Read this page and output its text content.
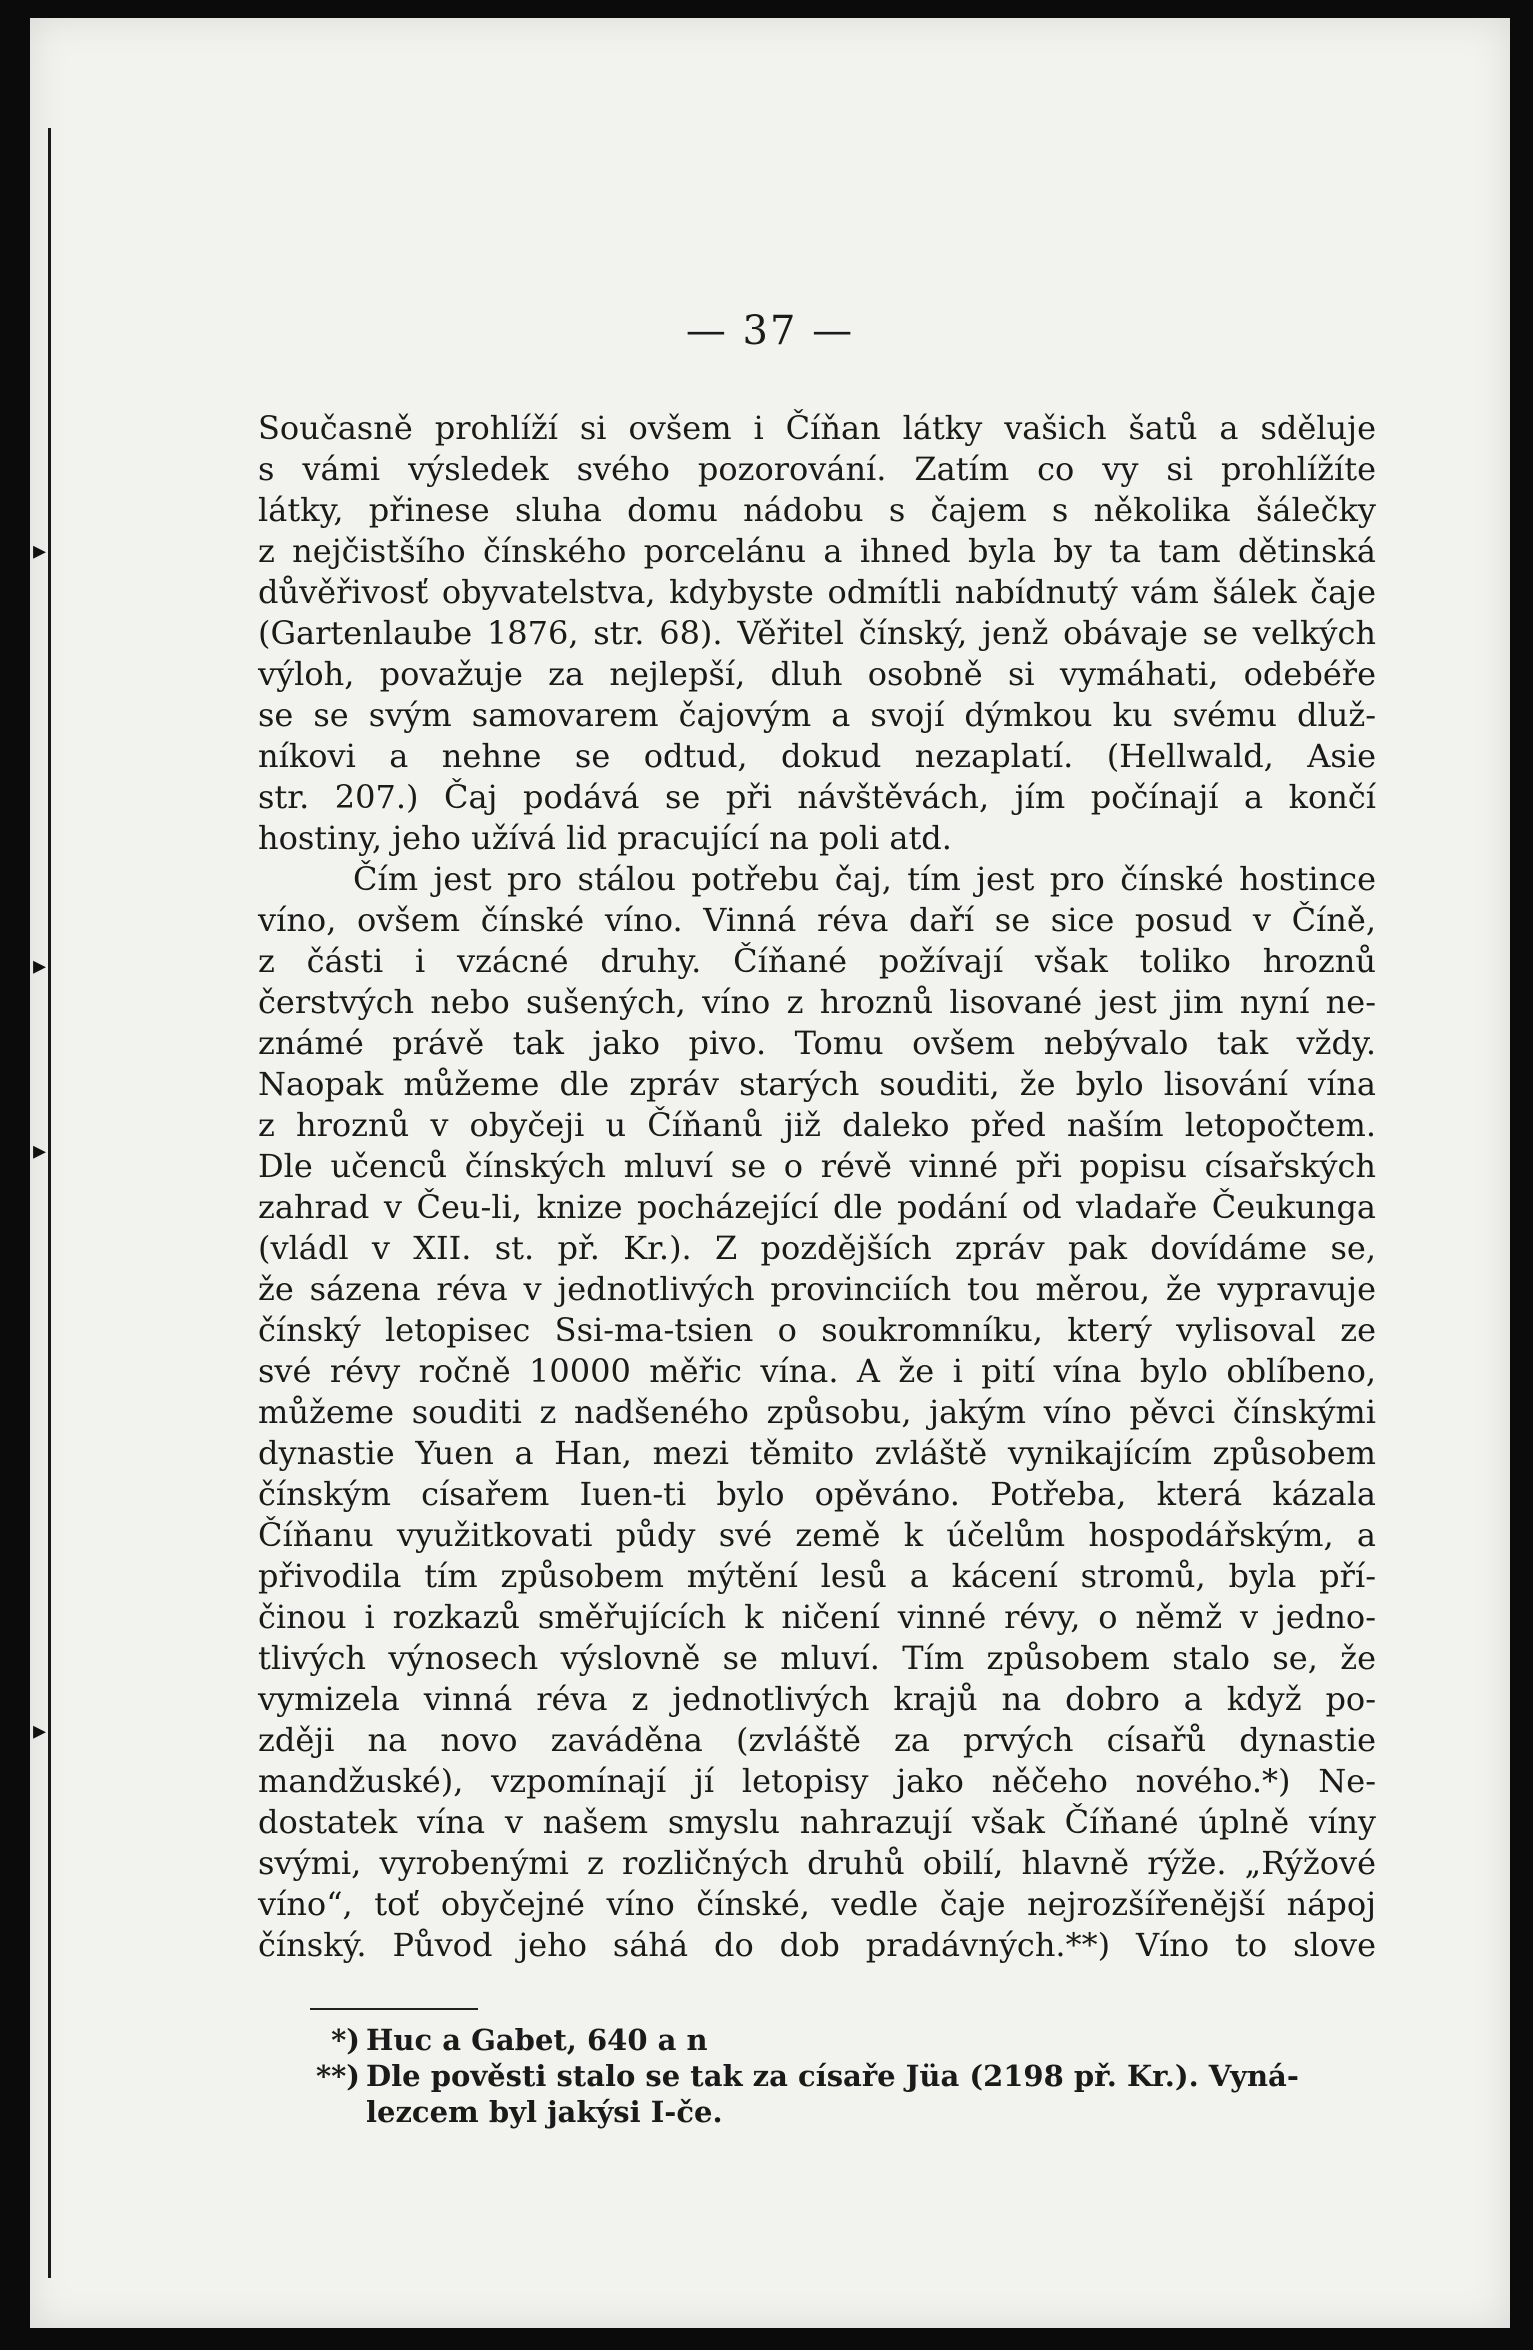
▸
▸
▸
▸
— 37 —
Současně prohlíží si ovšem i Číňan látky vašich šatů a sděluje
s vámi výsledek svého pozorování. Zatím co vy si prohlížíte
látky, přinese sluha domu nádobu s čajem s několika šálečky
z nejčistšího čínského porcelánu a ihned byla by ta tam dětinská
důvěřivosť obyvatelstva, kdybyste odmítli nabídnutý vám šálek čaje
(Gartenlaube 1876, str. 68). Věřitel čínský, jenž obávaje se velkých
výloh, považuje za nejlepší, dluh osobně si vymáhati, odebéře
se se svým samovarem čajovým a svojí dýmkou ku svému dluž-
níkovi a nehne se odtud, dokud nezaplatí. (Hellwald, Asie
str. 207.) Čaj podává se při návštěvách, jím počínají a končí
hostiny, jeho užívá lid pracující na poli atd.
Čím jest pro stálou potřebu čaj, tím jest pro čínské hostince
víno, ovšem čínské víno. Vinná réva daří se sice posud v Číně,
z části i vzácné druhy. Číňané požívají však toliko hroznů
čerstvých nebo sušených, víno z hroznů lisované jest jim nyní ne-
známé právě tak jako pivo. Tomu ovšem nebývalo tak vždy.
Naopak můžeme dle zpráv starých souditi, že bylo lisování vína
z hroznů v obyčeji u Číňanů již daleko před naším letopočtem.
Dle učenců čínských mluví se o révě vinné při popisu císařských
zahrad v Čeu-li, knize pocházející dle podání od vladaře Čeukunga
(vládl v XII. st. př. Kr.). Z pozdějších zpráv pak dovídáme se,
že sázena réva v jednotlivých provinciích tou měrou, že vypravuje
čínský letopisec Ssi-ma-tsien o soukromníku, který vylisoval ze
své révy ročně 10000 měřic vína. A že i pití vína bylo oblíbeno,
můžeme souditi z nadšeného způsobu, jakým víno pěvci čínskými
dynastie Yuen a Han, mezi těmito zvláště vynikajícím způsobem
čínským císařem Iuen-ti bylo opěváno. Potřeba, která kázala
Číňanu využitkovati půdy své země k účelům hospodářským, a
přivodila tím způsobem mýtění lesů a kácení stromů, byla pří-
činou i rozkazů směřujících k ničení vinné révy, o němž v jedno-
tlivých výnosech výslovně se mluví. Tím způsobem stalo se, že
vymizela vinná réva z jednotlivých krajů na dobro a když po-
zději na novo zaváděna (zvláště za prvých císařů dynastie
mandžuské), vzpomínají jí letopisy jako něčeho nového.*) Ne-
dostatek vína v našem smyslu nahrazují však Číňané úplně víny
svými, vyrobenými z rozličných druhů obilí, hlavně rýže. „Rýžové
víno“, toť obyčejné víno čínské, vedle čaje nejrozšířenější nápoj
čínský. Původ jeho sáhá do dob pradávných.**) Víno to slove
*) Huc a Gabet, 640 a n
**) Dle pověsti stalo se tak za císaře Jüa (2198 př. Kr.). Vyná-
lezcem byl jakýsi I-če.
